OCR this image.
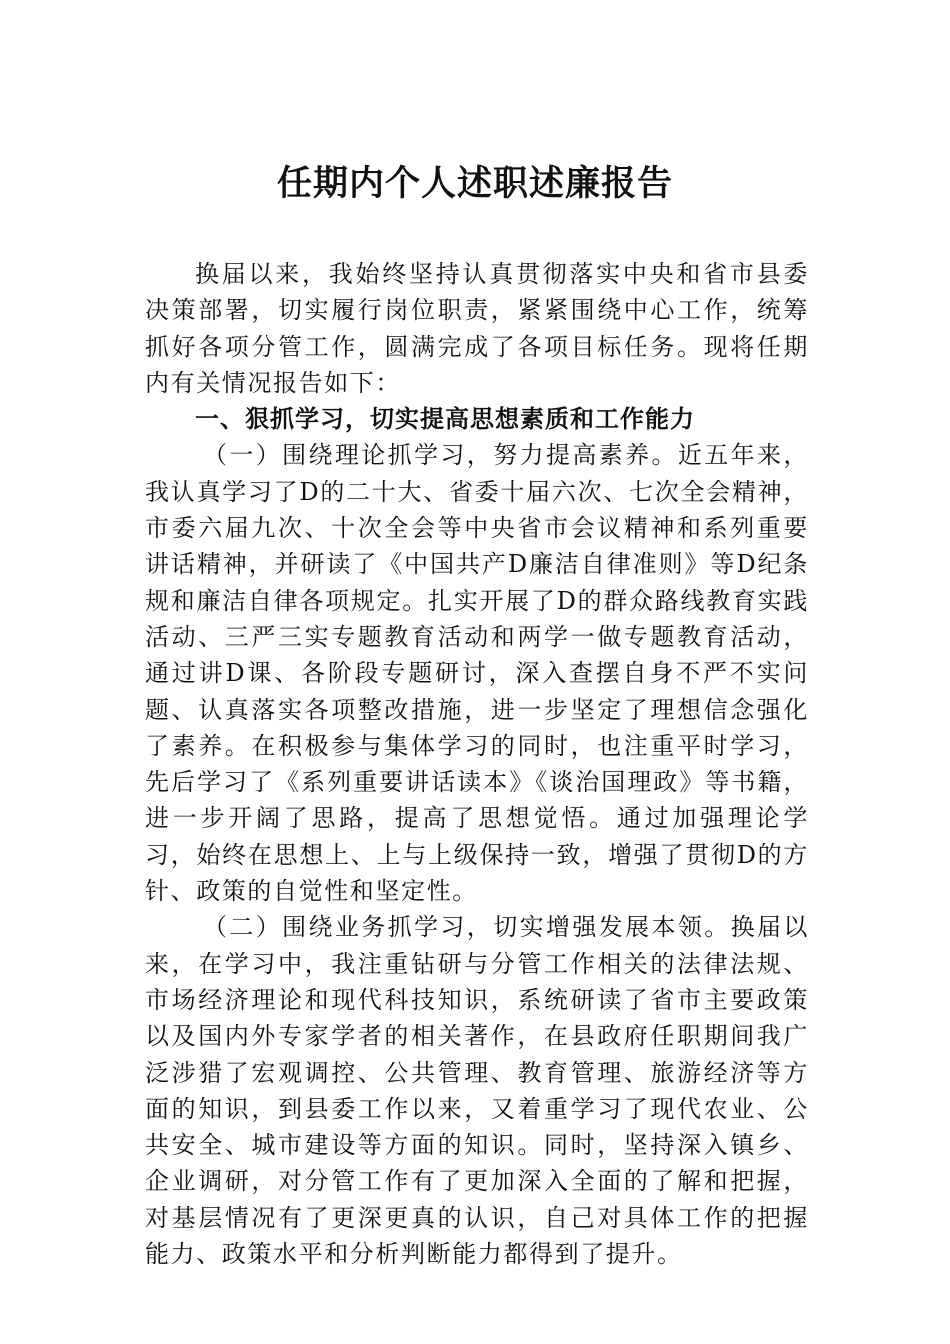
任期内个人述职述廉报告

换届以来，我始终坚持认真贯彻落实中央和省市县委决策部署，切实履行岗位职责，紧紧围绕中心工作，统筹抓好各项分管工作，圆满完成了各项目标任务。现将任期内有关情况报告如下：

一、狠抓学习，切实提高思想素质和工作能力

（一）围绕理论抓学习，努力提高素养。近五年来，我认真学习了D的二十大、省委十届六次、七次全会精神，市委六届九次、十次全会等中央省市会议精神和系列重要讲话精神，并研读了《中国共产D廉洁自律准则》等D纪条规和廉洁自律各项规定。扎实开展了D的群众路线教育实践活动、三严三实专题教育活动和两学一做专题教育活动，通过讲D课、各阶段专题研讨，深入查摆自身不严不实问题、认真落实各项整改措施，进一步坚定了理想信念强化了素养。在积极参与集体学习的同时，也注重平时学习，先后学习了《系列重要讲话读本》《谈治国理政》等书籍，进一步开阔了思路，提高了思想觉悟。通过加强理论学习，始终在思想上、上与上级保持一致，增强了贯彻D的方针、政策的自觉性和坚定性。

（二）围绕业务抓学习，切实增强发展本领。换届以来，在学习中，我注重钻研与分管工作相关的法律法规、市场经济理论和现代科技知识，系统研读了省市主要政策以及国内外专家学者的相关著作，在县政府任职期间我广泛涉猎了宏观调控、公共管理、教育管理、旅游经济等方面的知识，到县委工作以来，又着重学习了现代农业、公共安全、城市建设等方面的知识。同时，坚持深入镇乡、企业调研，对分管工作有了更加深入全面的了解和把握，对基层情况有了更深更真的认识，自己对具体工作的把握能力、政策水平和分析判断能力都得到了提升。
